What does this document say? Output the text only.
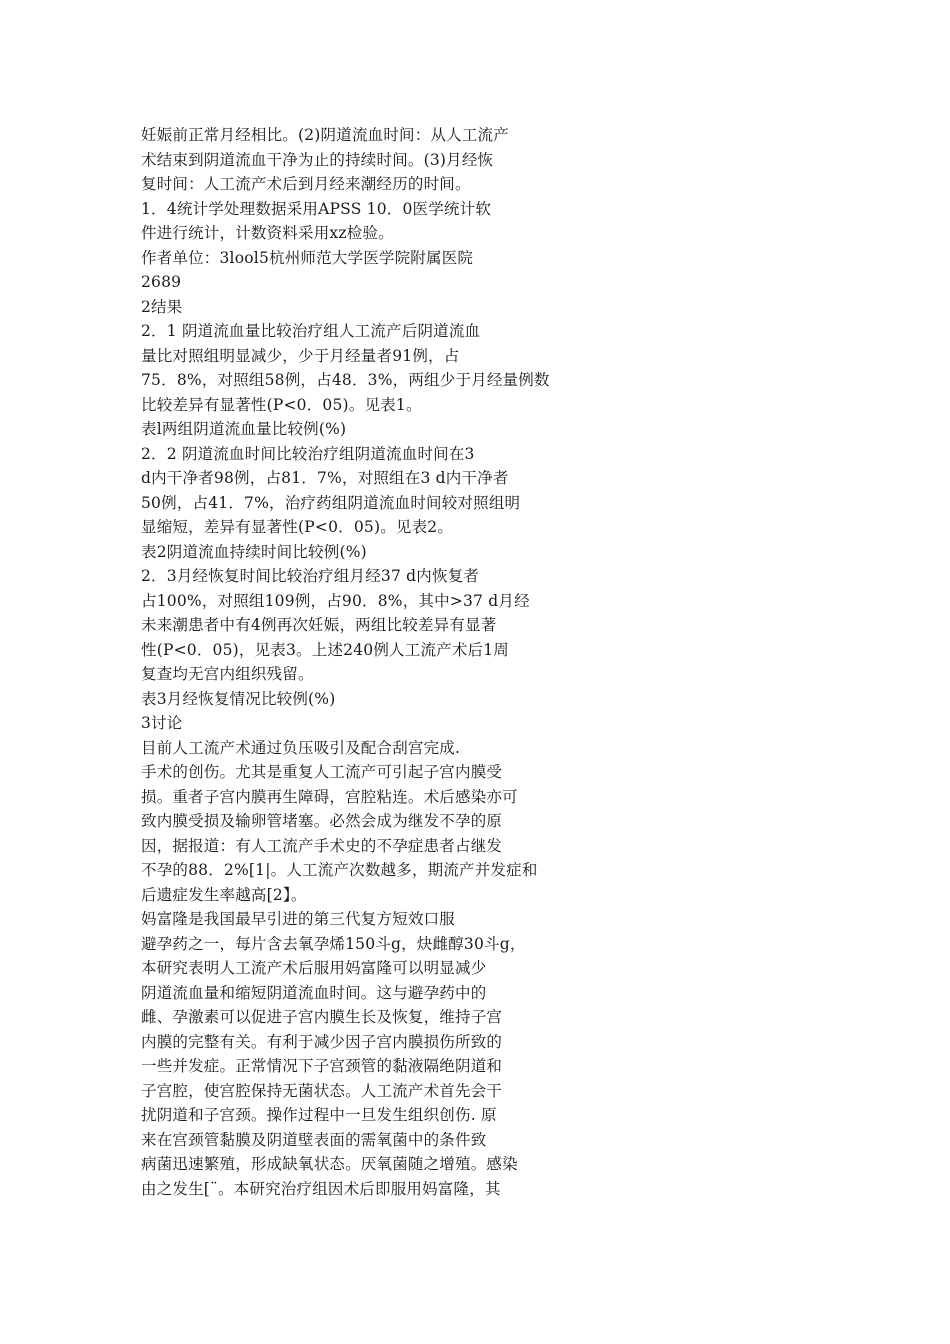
妊娠前正常月经相比。(2)阴道流血时间：从人工流产
术结束到阴道流血干净为止的持续时间。(3)月经恢
复时间：人工流产术后到月经来潮经历的时间。
1．4统计学处理数据采用APSS 10．0医学统计软
件进行统计，计数资料采用xz检验。
作者单位：3lool5杭州师范大学医学院附属医院
2689
2结果
2．1 阴道流血量比较治疗组人工流产后阴道流血
量比对照组明显减少，少于月经量者91例，占
75．8%，对照组58例，占48．3%，两组少于月经量例数
比较差异有显著性(P<0．05)。见表1。
表l两组阴道流血量比较例(%)
2．2 阴道流血时间比较治疗组阴道流血时间在3
d内干净者98例，占81．7%，对照组在3 d内干净者
50例，占41．7%，治疗药组阴道流血时间较对照组明
显缩短，差异有显著性(P<0．05)。见表2。
表2阴道流血持续时间比较例(%)
2．3月经恢复时间比较治疗组月经37 d内恢复者
占100%，对照组109例，占90．8%，其中>37 d月经
未来潮患者中有4例再次妊娠，两组比较差异有显著
性(P<0．05)，见表3。上述240例人工流产术后1周
复查均无宫内组织残留。
表3月经恢复情况比较例(%)
3讨论
目前人工流产术通过负压吸引及配合刮宫完成.
手术的创伤。尤其是重复人工流产可引起子宫内膜受
损。重者子宫内膜再生障碍，宫腔粘连。术后感染亦可
致内膜受损及输卵管堵塞。必然会成为继发不孕的原
因，据报道：有人工流产手术史的不孕症患者占继发
不孕的88．2%[1|。人工流产次数越多，期流产并发症和
后遗症发生率越高[2】。
妈富隆是我国最早引进的第三代复方短效口服
避孕药之一，每片含去氧孕烯150斗g，炔雌醇30斗g，
本研究表明人工流产术后服用妈富隆可以明显减少
阴道流血量和缩短阴道流血时间。这与避孕药中的
雌、孕激素可以促进子宫内膜生长及恢复，维持子宫
内膜的完整有关。有利于减少因子宫内膜损伤所致的
一些并发症。正常情况下子宫颈管的黏液隔绝阴道和
子宫腔，使宫腔保持无菌状态。人工流产术首先会干
扰阴道和子宫颈。操作过程中一旦发生组织创伤. 原
来在宫颈管黏膜及阴道壁表面的需氧菌中的条件致
病菌迅速繁殖，形成缺氧状态。厌氧菌随之增殖。感染
由之发生[¨。本研究治疗组因术后即服用妈富隆，其
